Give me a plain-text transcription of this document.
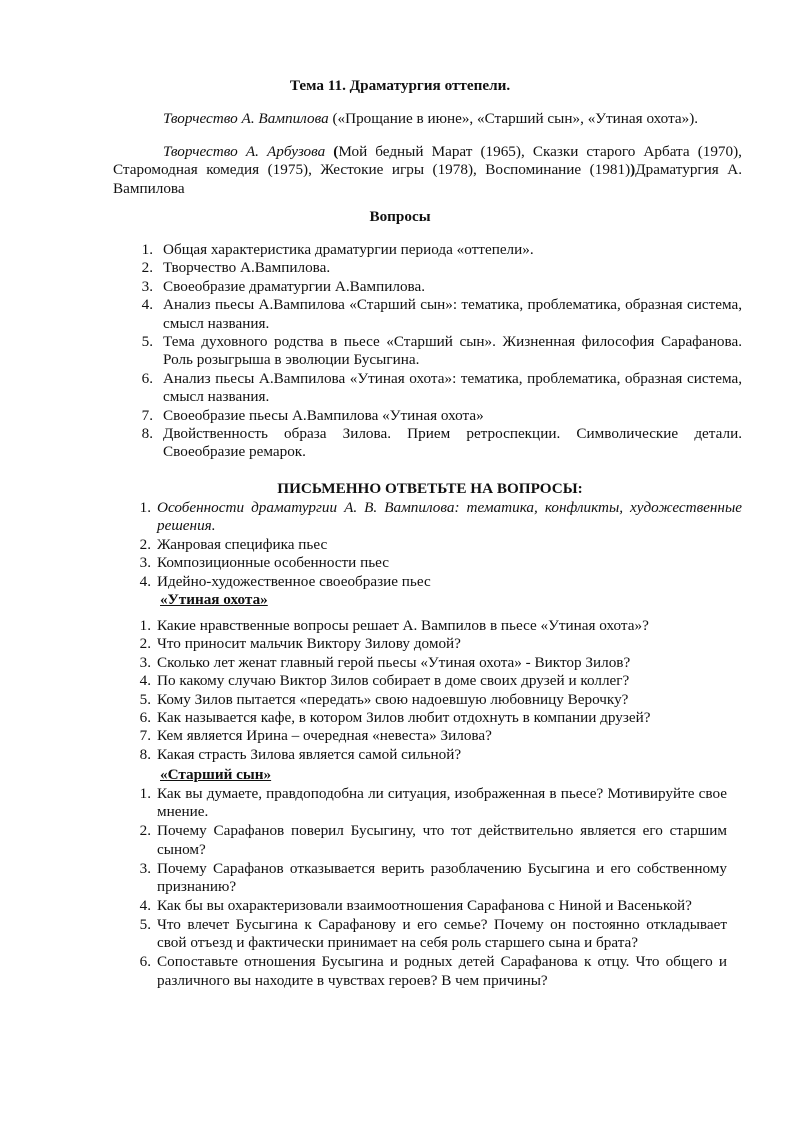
Тема 11. Драматургия оттепели.
Творчество А. Вампилова («Прощание в июне», «Старший сын», «Утиная охота»).
Творчество А. Арбузова (Мой бедный Марат (1965), Сказки старого Арбата (1970), Старомодная комедия (1975), Жестокие игры (1978), Воспоминание (1981))Драматургия А. Вампилова
Вопросы
1. Общая характеристика драматургии периода «оттепели».
2. Творчество А.Вампилова.
3. Своеобразие драматургии А.Вампилова.
4. Анализ пьесы А.Вампилова «Старший сын»: тематика, проблематика, образная система, смысл названия.
5. Тема духовного родства в пьесе «Старший сын». Жизненная философия Сарафанова. Роль розыгрыша в эволюции Бусыгина.
6. Анализ пьесы А.Вампилова «Утиная охота»: тематика, проблематика, образная система, смысл названия.
7. Своеобразие пьесы А.Вампилова «Утиная охота»
8. Двойственность образа Зилова. Прием ретроспекции. Символические детали. Своеобразие ремарок.
ПИСЬМЕННО ОТВЕТЬТЕ НА ВОПРОСЫ:
1. Особенности драматургии А. В. Вампилова: тематика, конфликты, художественные решения.
2. Жанровая специфика пьес
3. Композиционные особенности пьес
4. Идейно-художественное своеобразие пьес
«Утиная охота»
1. Какие нравственные вопросы решает А. Вампилов в пьесе «Утиная охота»?
2. Что приносит мальчик Виктору Зилову домой?
3. Сколько лет женат главный герой пьесы «Утиная охота» - Виктор Зилов?
4. По какому случаю Виктор Зилов собирает в доме своих друзей и коллег?
5. Кому Зилов пытается «передать» свою надоевшую любовницу Верочку?
6. Как называется кафе, в котором Зилов любит отдохнуть в компании друзей?
7. Кем является Ирина – очередная «невеста» Зилова?
8. Какая страсть Зилова является самой сильной?
«Старший сын»
1. Как вы думаете, правдоподобна ли ситуация, изображенная в пьесе? Мотивируйте свое мнение.
2. Почему Сарафанов поверил Бусыгину, что тот действительно является его старшим сыном?
3. Почему Сарафанов отказывается верить разоблачению Бусыгина и его собственному признанию?
4. Как бы вы охарактеризовали взаимоотношения Сарафанова с Ниной и Васенькой?
5. Что влечет Бусыгина к Сарафанову и его семье? Почему он постоянно откладывает свой отъезд и фактически принимает на себя роль старшего сына и брата?
6. Сопоставьте отношения Бусыгина и родных детей Сарафанова к отцу. Что общего и различного вы находите в чувствах героев? В чем причины?
